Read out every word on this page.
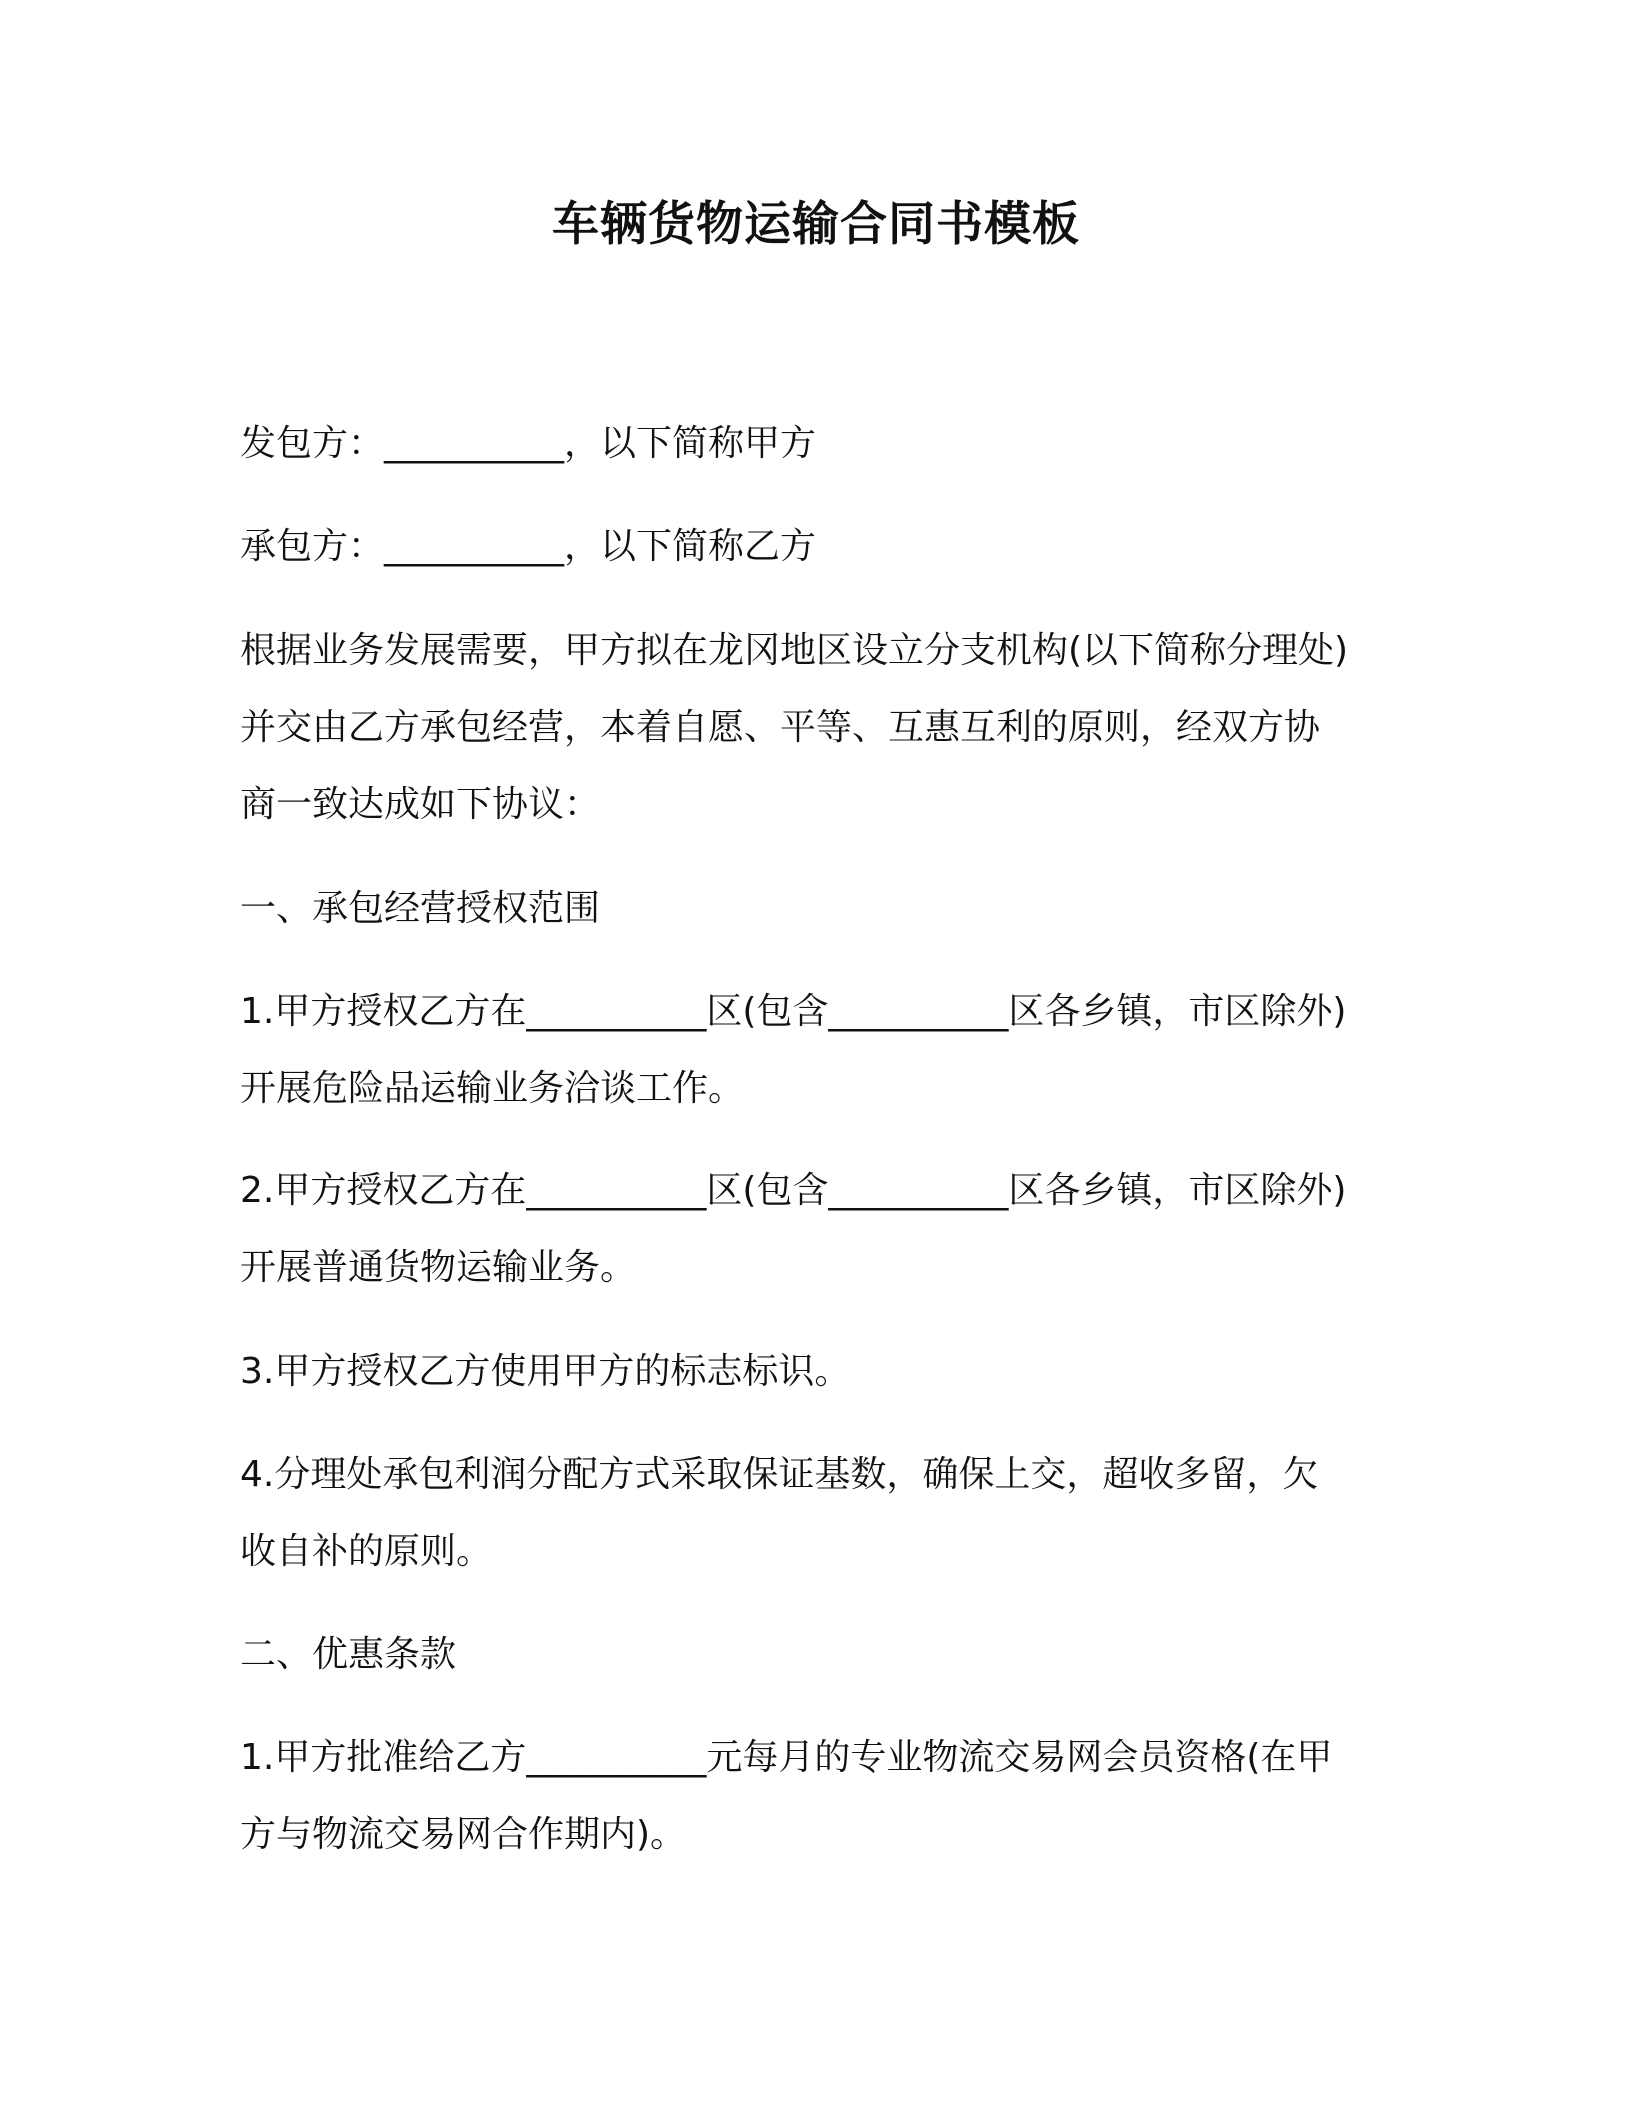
车辆货物运输合同书模板
发包方：__________，以下简称甲方
承包方：__________，以下简称乙方
根据业务发展需要，甲方拟在龙冈地区设立分支机构(以下简称分理处)
并交由乙方承包经营，本着自愿、平等、互惠互利的原则，经双方协
商一致达成如下协议：
一、承包经营授权范围
1.甲方授权乙方在__________区(包含__________区各乡镇，市区除外)
开展危险品运输业务洽谈工作。
2.甲方授权乙方在__________区(包含__________区各乡镇，市区除外)
开展普通货物运输业务。
3.甲方授权乙方使用甲方的标志标识。
4.分理处承包利润分配方式采取保证基数，确保上交，超收多留，欠
收自补的原则。
二、优惠条款
1.甲方批准给乙方__________元每月的专业物流交易网会员资格(在甲
方与物流交易网合作期内)。
